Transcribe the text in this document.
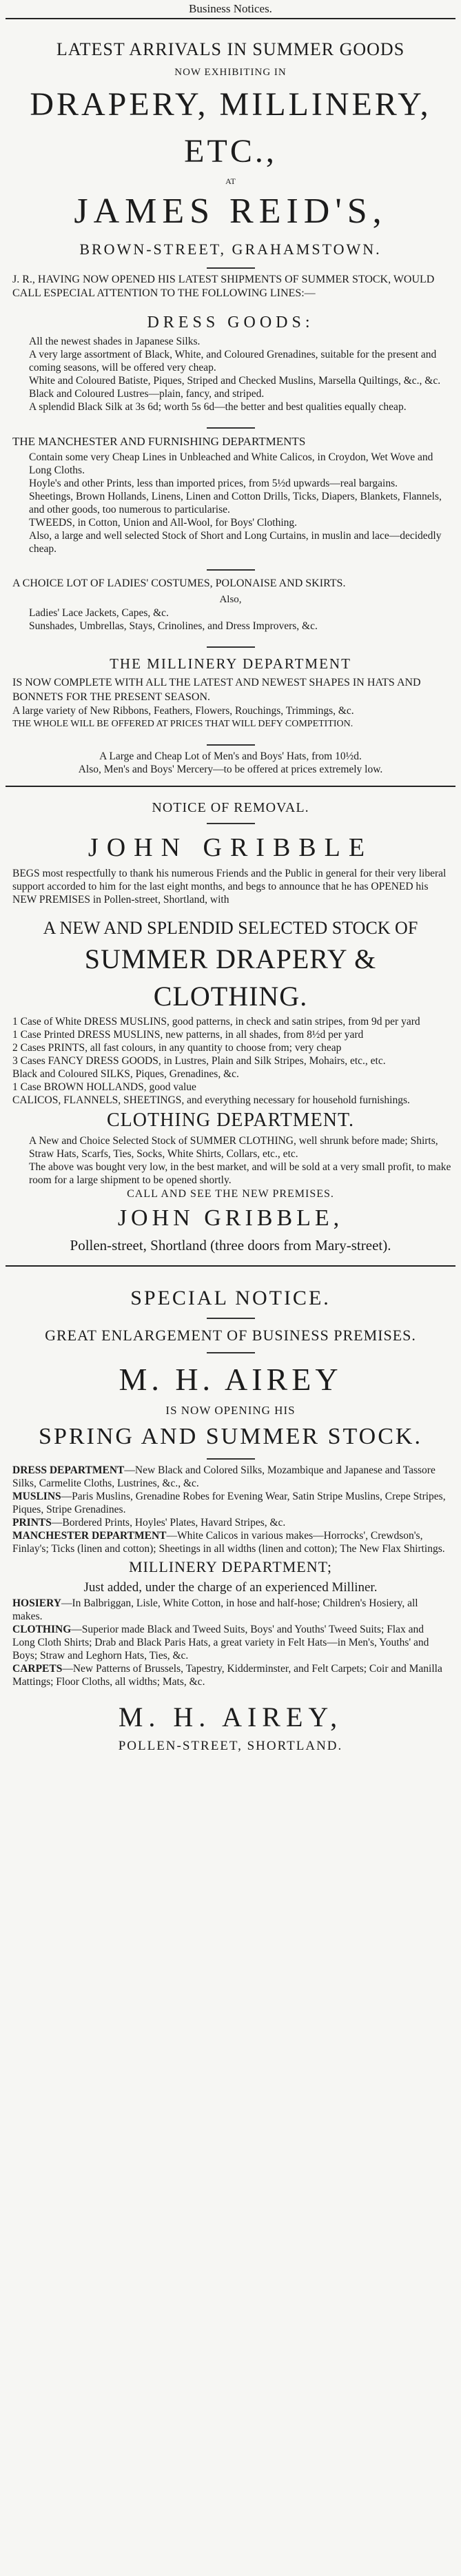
Business Notices.
LATEST ARRIVALS IN SUMMER GOODS
NOW EXHIBITING IN
DRAPERY, MILLINERY, ETC.,
AT
JAMES REID'S,
BROWN-STREET, GRAHAMSTOWN.
J. R., HAVING NOW OPENED HIS LATEST SHIPMENTS OF SUMMER STOCK, WOULD CALL ESPECIAL ATTENTION TO THE FOLLOWING LINES:—
DRESS GOODS:
All the newest shades in Japanese Silks.
A very large assortment of Black, White, and Coloured Grenadines, suitable for the present and coming seasons, will be offered very cheap.
White and Coloured Batiste, Piques, Striped and Checked Muslins, Marsella Quiltings, &c., &c.
Black and Coloured Lustres—plain, fancy, and striped.
A splendid Black Silk at 3s 6d; worth 5s 6d—the better and best qualities equally cheap.
THE MANCHESTER AND FURNISHING DEPARTMENTS
Contain some very Cheap Lines in Unbleached and White Calicos, in Croydon, Wet Wove and Long Cloths.
Hoyle's and other Prints, less than imported prices, from 5½d upwards—real bargains.
Sheetings, Brown Hollands, Linens, Linen and Cotton Drills, Ticks, Diapers, Blankets, Flannels, and other goods, too numerous to particularise.
TWEEDS, in Cotton, Union and All-Wool, for Boys' Clothing.
Also, a large and well selected Stock of Short and Long Curtains, in muslin and lace—decidedly cheap.
A CHOICE LOT OF LADIES' COSTUMES, POLONAISE AND SKIRTS.
Also,
Ladies' Lace Jackets, Capes, &c.
Sunshades, Umbrellas, Stays, Crinolines, and Dress Improvers, &c.
THE MILLINERY DEPARTMENT
IS NOW COMPLETE WITH ALL THE LATEST AND NEWEST SHAPES IN HATS AND BONNETS FOR THE PRESENT SEASON.
A large variety of New Ribbons, Feathers, Flowers, Rouchings, Trimmings, &c.
THE WHOLE WILL BE OFFERED AT PRICES THAT WILL DEFY COMPETITION.
A Large and Cheap Lot of Men's and Boys' Hats, from 10½d.
Also, Men's and Boys' Mercery—to be offered at prices extremely low.
NOTICE OF REMOVAL.
JOHN GRIBBLE
BEGS most respectfully to thank his numerous Friends and the Public in general for their very liberal support accorded to him for the last eight months, and begs to announce that he has OPENED his NEW PREMISES in Pollen-street, Shortland, with
A NEW AND SPLENDID SELECTED STOCK OF
SUMMER DRAPERY & CLOTHING.
1 Case of White DRESS MUSLINS, good patterns, in check and satin stripes, from 9d per yard
1 Case Printed DRESS MUSLINS, new patterns, in all shades, from 8½d per yard
2 Cases PRINTS, all fast colours, in any quantity to choose from; very cheap
3 Cases FANCY DRESS GOODS, in Lustres, Plain and Silk Stripes, Mohairs, etc., etc.
Black and Coloured SILKS, Piques, Grenadines, &c.
1 Case BROWN HOLLANDS, good value
CALICOS, FLANNELS, SHEETINGS, and everything necessary for household furnishings.
CLOTHING DEPARTMENT.
A New and Choice Selected Stock of SUMMER CLOTHING, well shrunk before made; Shirts, Straw Hats, Scarfs, Ties, Socks, White Shirts, Collars, etc., etc.
The above was bought very low, in the best market, and will be sold at a very small profit, to make room for a large shipment to be opened shortly.
CALL AND SEE THE NEW PREMISES.
JOHN GRIBBLE,
Pollen-street, Shortland (three doors from Mary-street).
SPECIAL NOTICE.
GREAT ENLARGEMENT OF BUSINESS PREMISES.
M. H. AIREY
IS NOW OPENING HIS
SPRING AND SUMMER STOCK.
DRESS DEPARTMENT—New Black and Colored Silks, Mozambique and Japanese and Tassore Silks, Carmelite Cloths, Lustrines, &c., &c.
MUSLINS—Paris Muslins, Grenadine Robes for Evening Wear, Satin Stripe Muslins, Crepe Stripes, Piques, Stripe Grenadines.
PRINTS—Bordered Prints, Hoyles' Plates, Havard Stripes, &c.
MANCHESTER DEPARTMENT—White Calicos in various makes—Horrocks', Crewdson's, Finlay's; Ticks (linen and cotton); Sheetings in all widths (linen and cotton); The New Flax Shirtings.
MILLINERY DEPARTMENT;
Just added, under the charge of an experienced Milliner.
HOSIERY—In Balbriggan, Lisle, White Cotton, in hose and half-hose; Children's Hosiery, all makes.
CLOTHING—Superior made Black and Tweed Suits, Boys' and Youths' Tweed Suits; Flax and Long Cloth Shirts; Drab and Black Paris Hats, a great variety in Felt Hats—in Men's, Youths' and Boys; Straw and Leghorn Hats, Ties, &c.
CARPETS—New Patterns of Brussels, Tapestry, Kidderminster, and Felt Carpets; Coir and Manilla Mattings; Floor Cloths, all widths; Mats, &c.
M. H. AIREY,
POLLEN-STREET, SHORTLAND.
